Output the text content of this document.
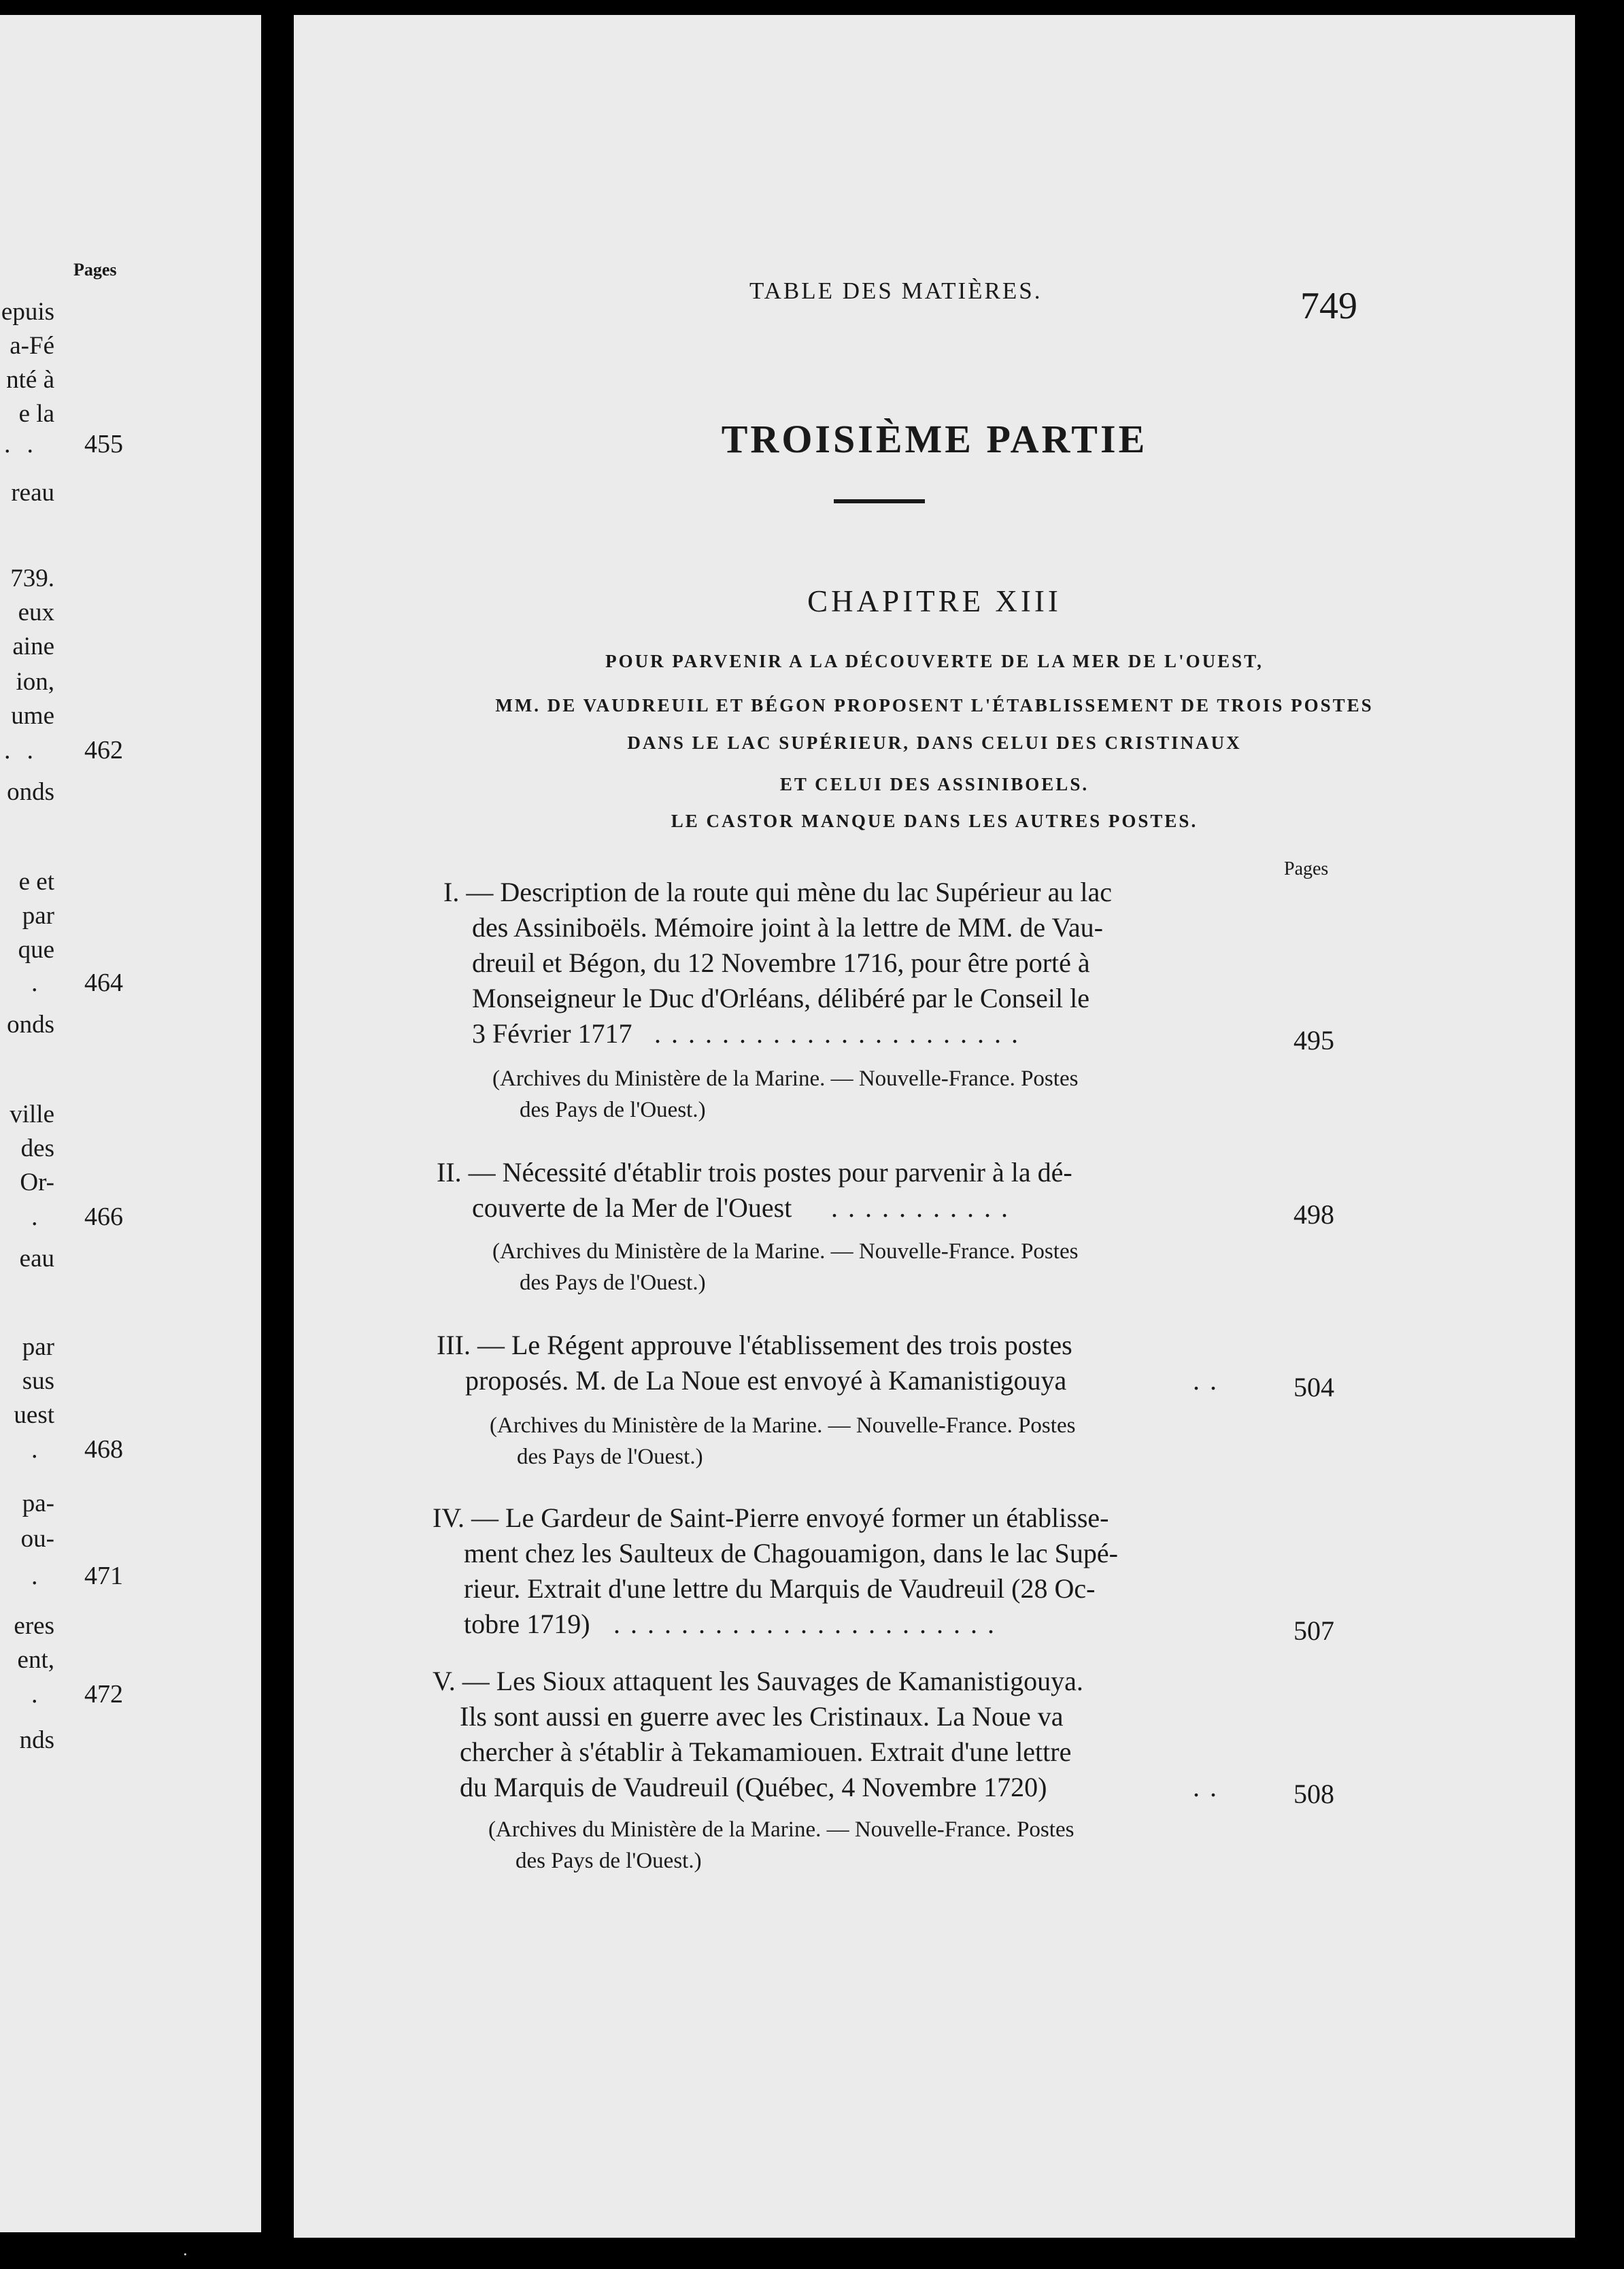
Pages
epuis
a-Fé
nté à
e la
.. 455
reau
739.
eux
aine
ion,
ume
.. 462
onds
e et
par
que
. 464
onds
ville
des
Or-
. 466
eau
par
sus
uest
. 468
pa-
ou-
. 471
eres
ent,
. 472
nds
TABLE DES MATIÈRES.	749
TROISIÈME PARTIE
CHAPITRE XIII
POUR PARVENIR A LA DÉCOUVERTE DE LA MER DE L'OUEST,
MM. DE VAUDREUIL ET BÉGON PROPOSENT L'ÉTABLISSEMENT DE TROIS POSTES
DANS LE LAC SUPÉRIEUR, DANS CELUI DES CRISTINAUX
ET CELUI DES ASSINIBOELS.
LE CASTOR MANQUE DANS LES AUTRES POSTES.
Pages
I. — Description de la route qui mène du lac Supérieur au lac
des Assiniboëls. Mémoire joint à la lettre de MM. de Vau-
dreuil et Bégon, du 12 Novembre 1716, pour être porté à
Monseigneur le Duc d'Orléans, délibéré par le Conseil le
3 Février 1717 ......................	495
(Archives du Ministère de la Marine. — Nouvelle-France. Postes
des Pays de l'Ouest.)
II. — Nécessité d'établir trois postes pour parvenir à la dé-
couverte de la Mer de l'Ouest ...........	498
(Archives du Ministère de la Marine. — Nouvelle-France. Postes
des Pays de l'Ouest.)
III. — Le Régent approuve l'établissement des trois postes
proposés. M. de La Noue est envoyé à Kamanistigouya	.. 504
(Archives du Ministère de la Marine. — Nouvelle-France. Postes
des Pays de l'Ouest.)
IV. — Le Gardeur de Saint-Pierre envoyé former un établisse-
ment chez les Saulteux de Chagouamigon, dans le lac Supé-
rieur. Extrait d'une lettre du Marquis de Vaudreuil (28 Oc-
tobre 1719) .......................	507
V. — Les Sioux attaquent les Sauvages de Kamanistigouya.
Ils sont aussi en guerre avec les Cristinaux. La Noue va
chercher à s'établir à Tekamamiouen. Extrait d'une lettre
du Marquis de Vaudreuil (Québec, 4 Novembre 1720)	.. 508
(Archives du Ministère de la Marine. — Nouvelle-France. Postes
des Pays de l'Ouest.)
·
